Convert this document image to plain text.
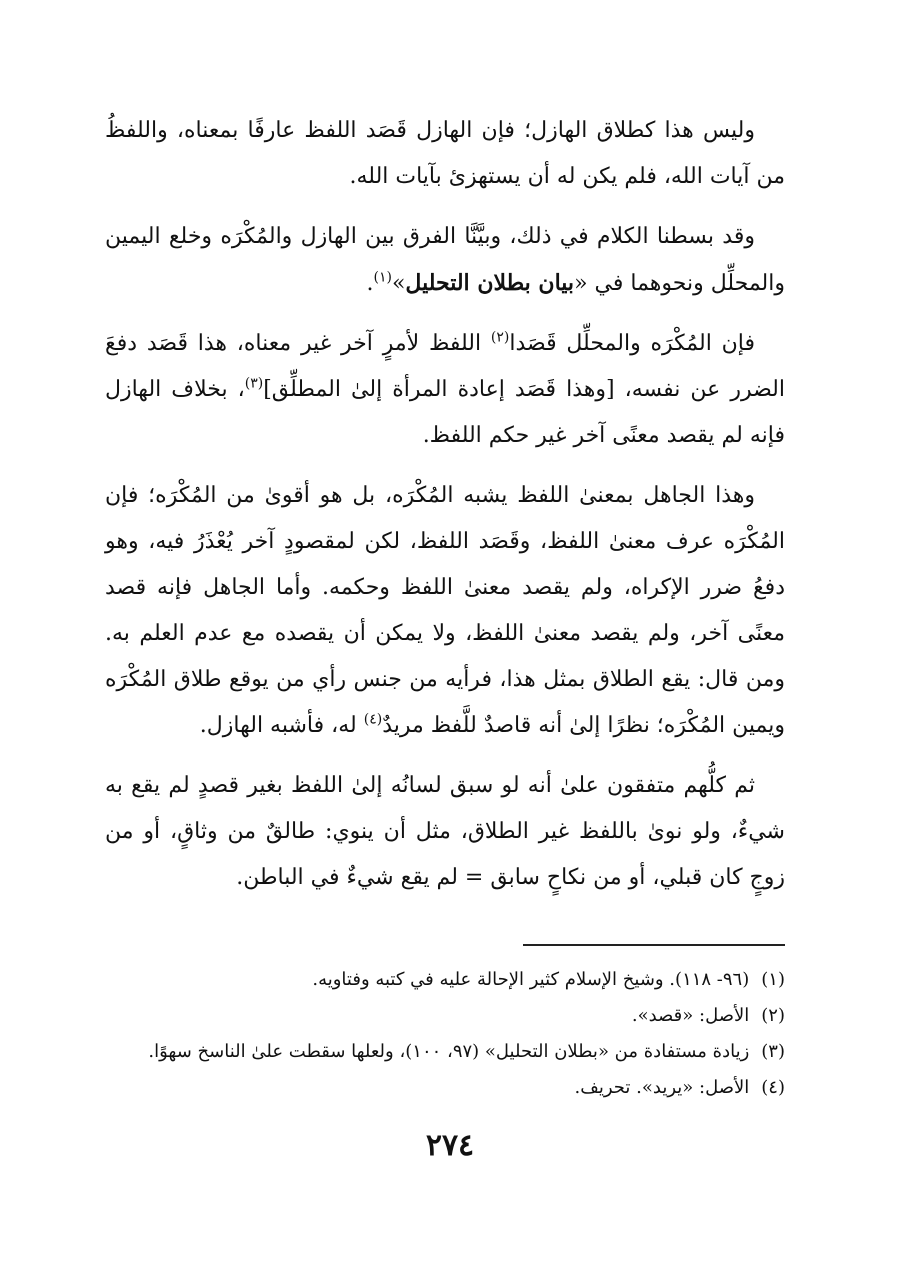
وليس هذا كطلاق الهازل؛ فإن الهازل قَصَد اللفظ عارفًا بمعناه، واللفظُ من آيات الله، فلم يكن له أن يستهزئ بآيات الله.

وقد بسطنا الكلام في ذلك، وبيَّنَّا الفرق بين الهازل والمُكْرَه وخلع اليمين والمحلِّل ونحوهما في «بيان بطلان التحليل»$^{(١)}$.

فإن المُكْرَه والمحلِّل قَصَدا$^{(٢)}$ اللفظ لأمرٍ آخر غير معناه، هذا قَصَد دفعَ الضرر عن نفسه، [وهذا قَصَد إعادة المرأة إلىٰ المطلِّق]$^{(٣)}$، بخلاف الهازل فإنه لم يقصد معنًى آخر غير حكم اللفظ.

وهذا الجاهل بمعنىٰ اللفظ يشبه المُكْرَه، بل هو أقوىٰ من المُكْرَه؛ فإن المُكْرَه عرف معنىٰ اللفظ، وقَصَد اللفظ، لكن لمقصودٍ آخر يُعْذَرُ فيه، وهو دفعُ ضرر الإكراه، ولم يقصد معنىٰ اللفظ وحكمه. وأما الجاهل فإنه قصد معنًى آخر، ولم يقصد معنىٰ اللفظ، ولا يمكن أن يقصده مع عدم العلم به. ومن قال: يقع الطلاق بمثل هذا، فرأيه من جنس رأي من يوقع طلاق المُكْرَه ويمين المُكْرَه؛ نظرًا إلىٰ أنه قاصدٌ للَّفظ مريدٌ$^{(٤)}$ له، فأشبه الهازل.

ثم كلُّهم متفقون علىٰ أنه لو سبق لسانُه إلىٰ اللفظ بغير قصدٍ لم يقع به شيءٌ، ولو نوىٰ باللفظ غير الطلاق، مثل أن ينوي: طالقٌ من وثاقٍ، أو من زوجٍ كان قبلي، أو من نكاحٍ سابق = لم يقع شيءٌ في الباطن.

(١)(٩٦- ١١٨). وشيخ الإسلام كثير الإحالة عليه في كتبه وفتاويه.

(٢)الأصل: «قصد».

(٣)زيادة مستفادة من «بطلان التحليل» (٩٧، ١٠٠)، ولعلها سقطت علىٰ الناسخ سهوًا.

(٤)الأصل: «يريد». تحريف.

٢٧٤
